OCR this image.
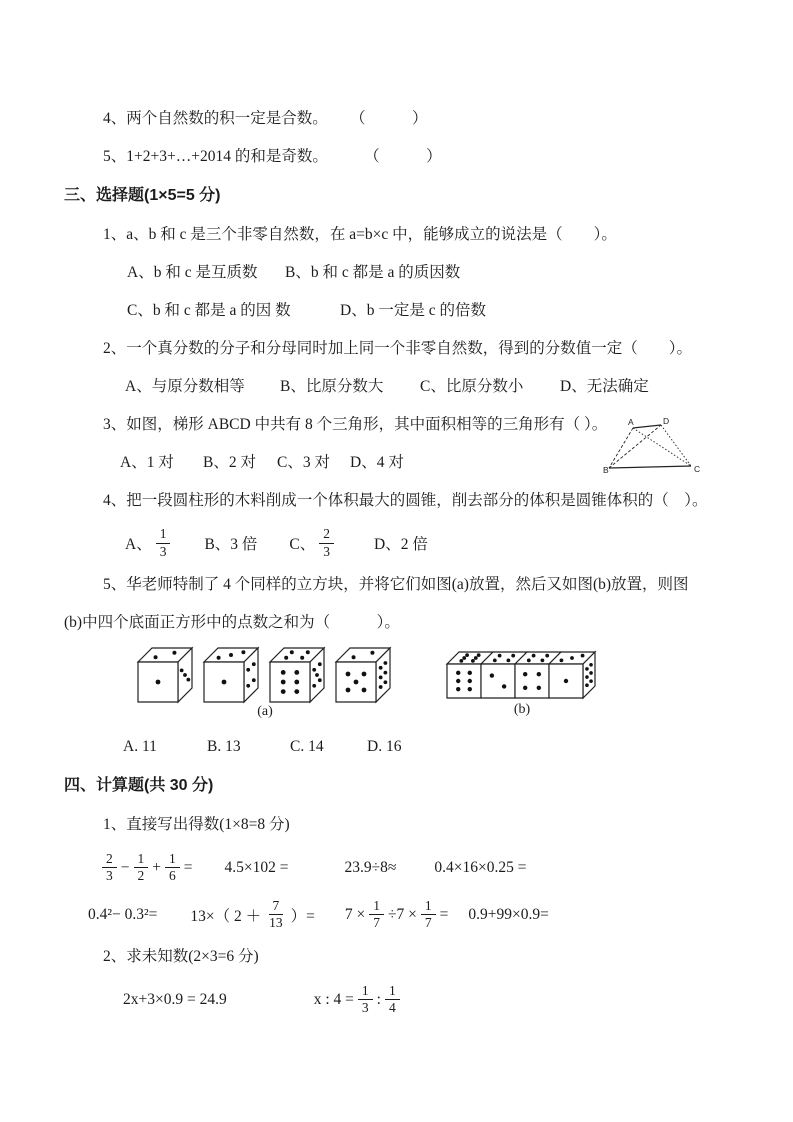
4、两个自然数的积一定是合数。 （　　　）
5、1+2+3+…+2014 的和是奇数。	（　　　）
三、选择题(1×5=5 分)
1、a、b 和 c 是三个非零自然数，在 a=b×c 中，能够成立的说法是（　　）。
A、b 和 c 是互质数 B、b 和 c 都是 a 的质因数
C、b 和 c 都是 a 的因 数	D、b 一定是 c 的倍数
2、一个真分数的分子和分母同时加上同一个非零自然数，得到的分数值一定（　　）。
A、与原分数相等 B、比原分数大 C、比原分数小 D、无法确定
3、如图，梯形 ABCD 中共有 8 个三角形，其中面积相等的三角形有（ ）。
A、1 对 B、2 对 C、3 对 D、4 对
A	D
B	C
4、把一段圆柱形的木料削成一个体积最大的圆锥，削去部分的体积是圆锥体积的（　）。
A、 $\frac{1}{3}$ B、3 倍 C、 $\frac{2}{3}$	D、2 倍
5、华老师特制了 4 个同样的立方块，并将它们如图(a)放置，然后又如图(b)放置，则图
(b)中四个底面正方形中的点数之和为（　　　）。
(a)	(b)
A. 11	B. 13	C. 14	D. 16
四、计算题(共 30 分)
1、直接写出得数(1×8=8 分)
$\frac{2}{3} - \frac{1}{2} + \frac{1}{6} = 4.5\times 102$ =	23.9÷8≈ 0.4×16×0.25 =
0.4²− 0.3²= 13×（ $2 + \frac{7}{13}$ ）= $7 \times \frac{1}{7} \div 7 \times \frac{1}{7} = 0.9+99\times 0.9=$
2、求未知数(2×3=6 分)
2x+3×0.9 = 24.9	x : $4 = \frac{1}{3}$ : $\frac{1}{4}$
